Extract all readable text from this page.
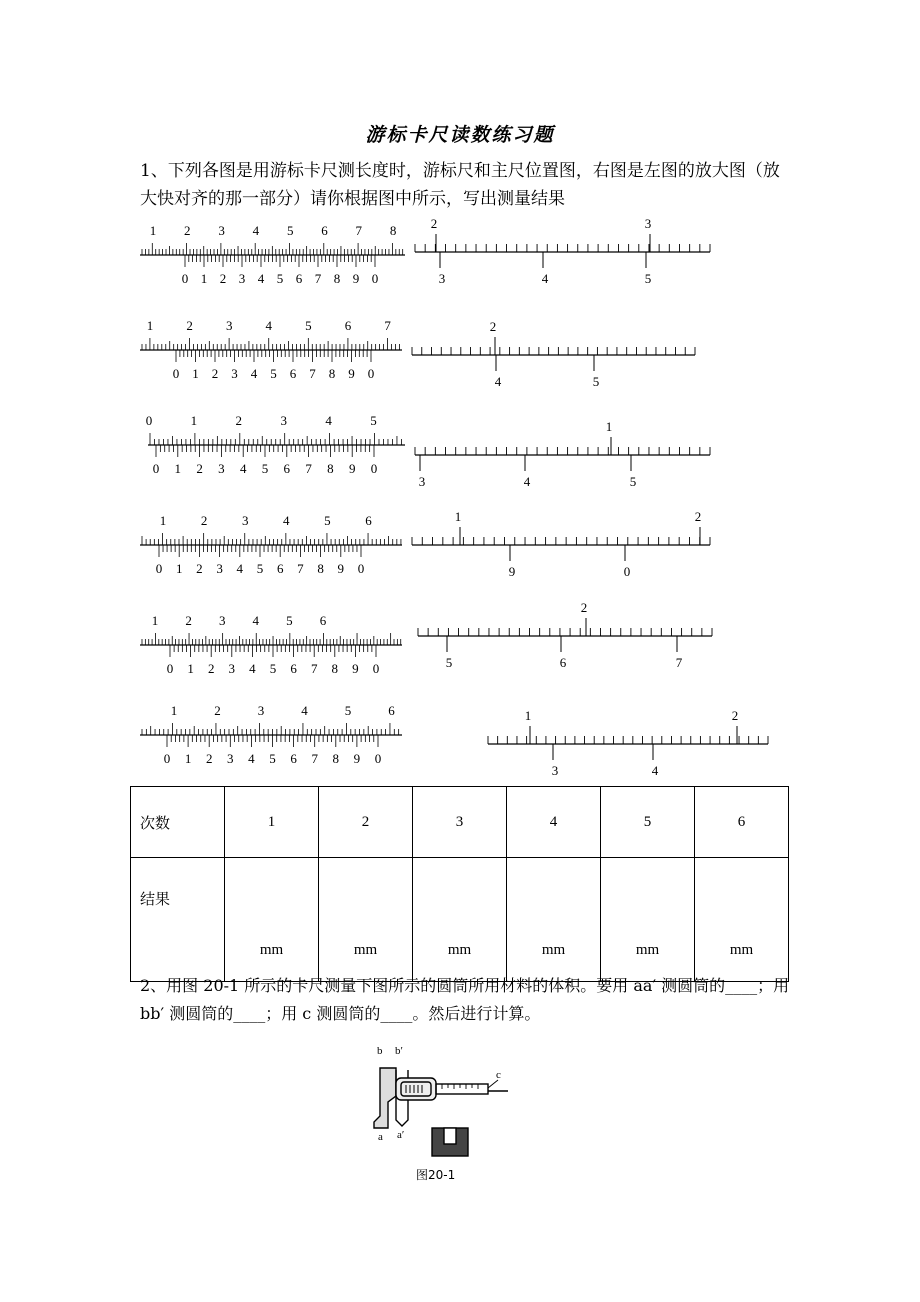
游标卡尺读数练习题
1、下列各图是用游标卡尺测长度时，游标尺和主尺位置图，右图是左图的放大图（放大快对齐的那一部分）请你根据图中所示，写出测量结果
1 2 3 4 5 6 7 8
0 1 2 3 4 5 6 7 8 9 0
2	3
3	4	5
1	2	3	4	5	6	7
0 1 2 3 4 5 6 7 8 9 0
2
4	5
0	1	2	3	4	5
0 1 2 3 4 5 6 7 8 9 0
1
3	4	5
1	2	3	4	5	6
0 1 2 3 4 5 6 7 8 9 0
1	2
9	0
1 2 3 4 5 6
0 1 2 3 4 5 6 7 8 9 0
2
5	6	7
1	2	3	4	5	6
0 1 2 3 4 5 6 7 8 9 0
1	2
3	4
次数	1	2	3	4	5	6
结果	mm	mm	mm	mm	mm	mm
2、用图 20-1 所示的卡尺测量下图所示的圆筒所用材料的体积。要用 aa′ 测圆筒的____；用 bb′ 测圆筒的____；用 c 测圆筒的____。然后进行计算。
b b′
a a′
c
图20-1
